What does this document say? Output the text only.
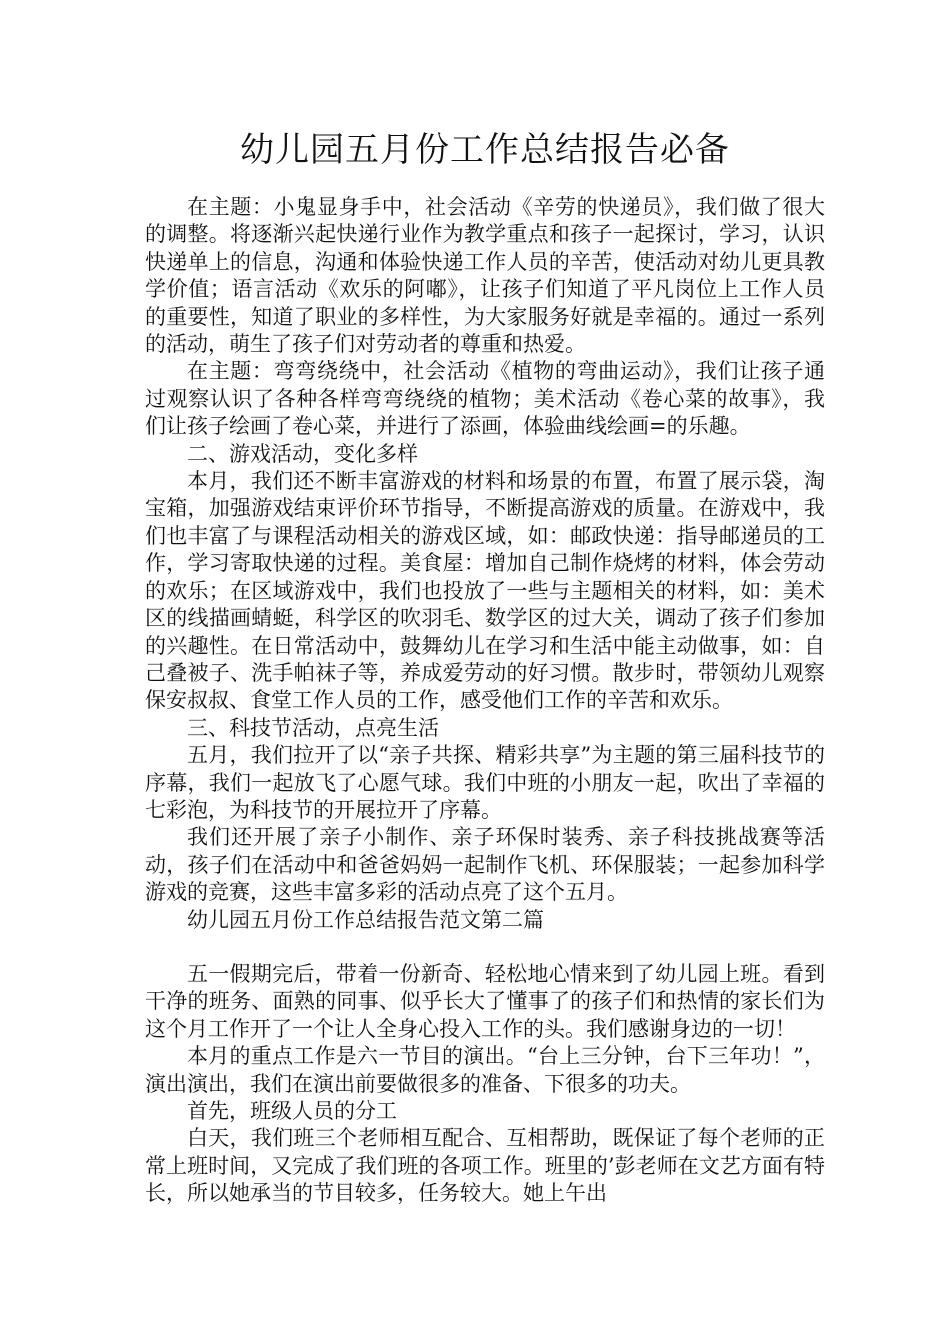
幼儿园五月份工作总结报告必备

在主题：小鬼显身手中，社会活动《辛劳的快递员》，我们做了很大的调整。将逐渐兴起快递行业作为教学重点和孩子一起探讨，学习，认识快递单上的信息，沟通和体验快递工作人员的辛苦，使活动对幼儿更具教学价值；语言活动《欢乐的阿嘟》，让孩子们知道了平凡岗位上工作人员的重要性，知道了职业的多样性，为大家服务好就是幸福的。通过一系列的活动，萌生了孩子们对劳动者的尊重和热爱。

在主题：弯弯绕绕中，社会活动《植物的弯曲运动》，我们让孩子通过观察认识了各种各样弯弯绕绕的植物；美术活动《卷心菜的故事》，我们让孩子绘画了卷心菜，并进行了添画，体验曲线绘画=的乐趣。

二、游戏活动，变化多样

本月，我们还不断丰富游戏的材料和场景的布置，布置了展示袋，淘宝箱，加强游戏结束评价环节指导，不断提高游戏的质量。在游戏中，我们也丰富了与课程活动相关的游戏区域，如：邮政快递：指导邮递员的工作，学习寄取快递的过程。美食屋：增加自己制作烧烤的材料，体会劳动的欢乐；在区域游戏中，我们也投放了一些与主题相关的材料，如：美术区的线描画蜻蜓，科学区的吹羽毛、数学区的过大关，调动了孩子们参加的兴趣性。在日常活动中，鼓舞幼儿在学习和生活中能主动做事，如：自己叠被子、洗手帕袜子等，养成爱劳动的好习惯。散步时，带领幼儿观察保安叔叔、食堂工作人员的工作，感受他们工作的辛苦和欢乐。

三、科技节活动，点亮生活

五月，我们拉开了以“亲子共探、精彩共享”为主题的第三届科技节的序幕，我们一起放飞了心愿气球。我们中班的小朋友一起，吹出了幸福的七彩泡，为科技节的开展拉开了序幕。

我们还开展了亲子小制作、亲子环保时装秀、亲子科技挑战赛等活动，孩子们在活动中和爸爸妈妈一起制作飞机、环保服装；一起参加科学游戏的竞赛，这些丰富多彩的活动点亮了这个五月。

幼儿园五月份工作总结报告范文第二篇

五一假期完后，带着一份新奇、轻松地心情来到了幼儿园上班。看到干净的班务、面熟的同事、似乎长大了懂事了的孩子们和热情的家长们为这个月工作开了一个让人全身心投入工作的头。我们感谢身边的一切！

本月的重点工作是六一节目的演出。“台上三分钟，台下三年功！”，演出演出，我们在演出前要做很多的准备、下很多的功夫。

首先，班级人员的分工

白天，我们班三个老师相互配合、互相帮助，既保证了每个老师的正常上班时间，又完成了我们班的各项工作。班里的’彭老师在文艺方面有特长，所以她承当的节目较多，任务较大。她上午出
